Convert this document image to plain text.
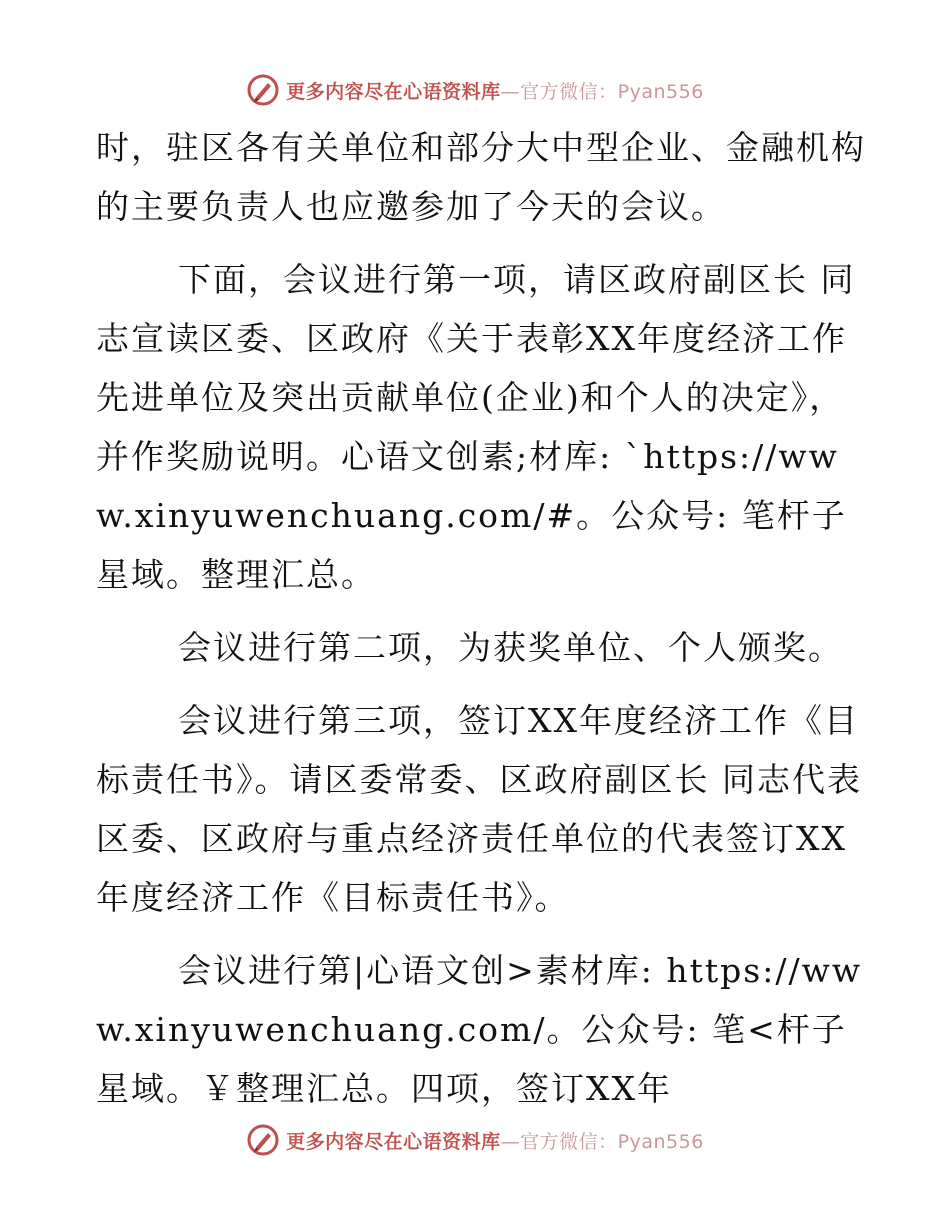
更多内容尽在心语资料库—官方微信：Pyan556

时，驻区各有关单位和部分大中型企业、金融机构的主要负责人也应邀参加了今天的会议。

下面，会议进行第一项，请区政府副区长 同志宣读区委、区政府《关于表彰XX年度经济工作先进单位及突出贡献单位(企业)和个人的决定》，并作奖励说明。心语文创素;材库: `https://www.xinyuwenchuang.com/#。公众号: 笔杆子星域。整理汇总。

会议进行第二项，为获奖单位、个人颁奖。

会议进行第三项，签订XX年度经济工作《目标责任书》。请区委常委、区政府副区长 同志代表区委、区政府与重点经济责任单位的代表签订XX年度经济工作《目标责任书》。

会议进行第|心语文创>素材库: https://www.xinyuwenchuang.com/。公众号: 笔<杆子星域。￥整理汇总。四项，签订XX年

更多内容尽在心语资料库—官方微信：Pyan556
